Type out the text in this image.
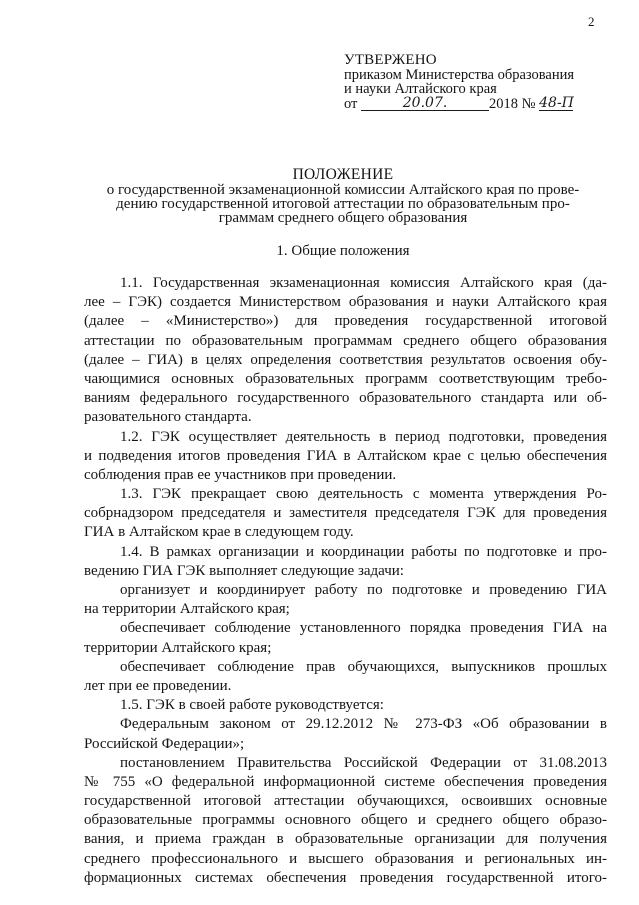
2
УТВЕРЖЕНО
приказом Министерства образования
и науки Алтайского края
от	20.07.	2018 № 48-П
ПОЛОЖЕНИЕ
о государственной экзаменационной комиссии Алтайского края по прове-
дению государственной итоговой аттестации по образовательным про-
граммам среднего общего образования
1. Общие положения
1.1. Государственная экзаменационная комиссия Алтайского края (да-
лее – ГЭК) создается Министерством образования и науки Алтайского края
(далее – «Министерство») для проведения государственной итоговой
аттестации по образовательным программам среднего общего образования
(далее – ГИА) в целях определения соответствия результатов освоения обу-
чающимися основных образовательных программ соответствующим требо-
ваниям федерального государственного образовательного стандарта или об-
разовательного стандарта.
1.2. ГЭК осуществляет деятельность в период подготовки, проведения
и подведения итогов проведения ГИА в Алтайском крае с целью обеспечения
соблюдения прав ее участников при проведении.
1.3. ГЭК прекращает свою деятельность с момента утверждения Ро-
собрнадзором председателя и заместителя председателя ГЭК для проведения
ГИА в Алтайском крае в следующем году.
1.4. В рамках организации и координации работы по подготовке и про-
ведению ГИА ГЭК выполняет следующие задачи:
организует и координирует работу по подготовке и проведению ГИА
на территории Алтайского края;
обеспечивает соблюдение установленного порядка проведения ГИА на
территории Алтайского края;
обеспечивает соблюдение прав обучающихся, выпускников прошлых
лет при ее проведении.
1.5. ГЭК в своей работе руководствуется:
Федеральным законом от 29.12.2012 № 273-ФЗ «Об образовании в
Российской Федерации»;
постановлением Правительства Российской Федерации от 31.08.2013
№ 755 «О федеральной информационной системе обеспечения проведения
государственной итоговой аттестации обучающихся, освоивших основные
образовательные программы основного общего и среднего общего образо-
вания, и приема граждан в образовательные организации для получения
среднего профессионального и высшего образования и региональных ин-
формационных системах обеспечения проведения государственной итого-
